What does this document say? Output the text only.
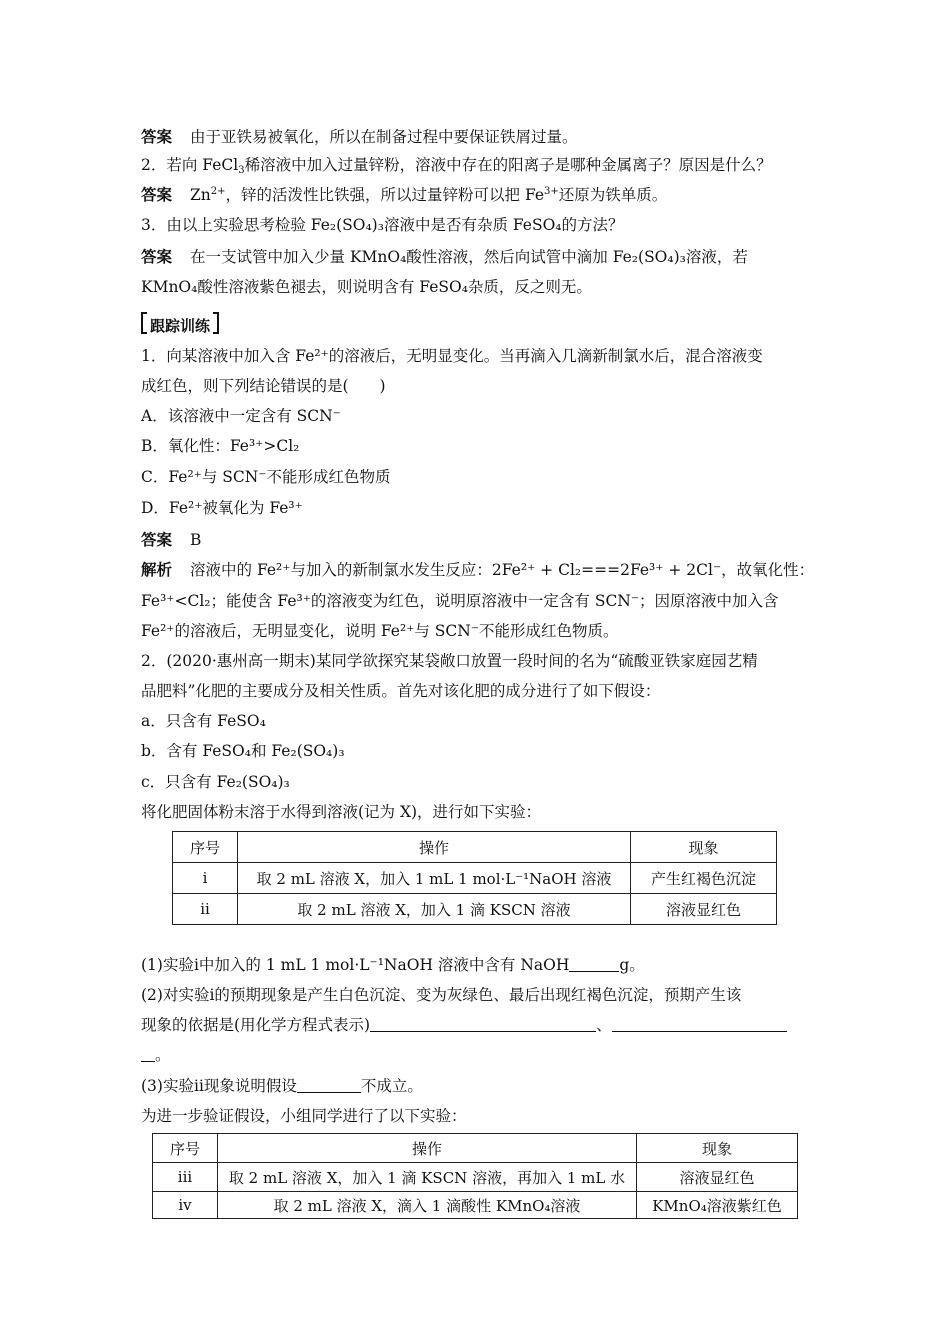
答案 由于亚铁易被氧化，所以在制备过程中要保证铁屑过量。
2．若向 FeCl$_3$稀溶液中加入过量锌粉，溶液中存在的阳离子是哪种金属离子？原因是什么？
答案 $Zn^{2+}$，锌的活泼性比铁强，所以过量锌粉可以把 $Fe^{3+}$还原为铁单质。
3．由以上实验思考检验 Fe₂(SO₄)₃溶液中是否有杂质 FeSO₄的方法？
答案 在一支试管中加入少量 KMnO₄酸性溶液，然后向试管中滴加 Fe₂(SO₄)₃溶液，若
KMnO₄酸性溶液紫色褪去，则说明含有 FeSO₄杂质，反之则无。
跟踪训练
1．向某溶液中加入含 Fe²⁺的溶液后，无明显变化。当再滴入几滴新制氯水后，混合溶液变
成红色，则下列结论错误的是(　　)
A．该溶液中一定含有 SCN⁻
B．氧化性：Fe³⁺>Cl₂
C．Fe²⁺与 SCN⁻不能形成红色物质
D．Fe²⁺被氧化为 Fe³⁺
答案 B
解析 溶液中的 Fe²⁺与加入的新制氯水发生反应：2Fe²⁺ + Cl₂===2Fe³⁺ + 2Cl⁻，故氧化性：
Fe³⁺<Cl₂；能使含 Fe³⁺的溶液变为红色，说明原溶液中一定含有 SCN⁻；因原溶液中加入含
Fe²⁺的溶液后，无明显变化，说明 Fe²⁺与 SCN⁻不能形成红色物质。
2．(2020·惠州高一期末)某同学欲探究某袋敞口放置一段时间的名为“硫酸亚铁家庭园艺精
品肥料”化肥的主要成分及相关性质。首先对该化肥的成分进行了如下假设：
a．只含有 FeSO₄
b．含有 FeSO₄和 Fe₂(SO₄)₃
c．只含有 Fe₂(SO₄)₃
将化肥固体粉末溶于水得到溶液(记为 X)，进行如下实验：
序号	操作	现象
i	取 2 mL 溶液 X，加入 1 mL 1 mol·L⁻¹NaOH 溶液	产生红褐色沉淀
ii	取 2 mL 溶液 X，加入 1 滴 KSCN 溶液	溶液显红色
(1)实验ⅰ中加入的 1 mL 1 mol·L⁻¹NaOH 溶液中含有 NaOH	g。
(2)对实验ⅰ的预期现象是产生白色沉淀、变为灰绿色、最后出现红褐色沉淀，预期产生该
现象的依据是(用化学方程式表示)	、
。
(3)实验ⅱ现象说明假设	不成立。
为进一步验证假设，小组同学进行了以下实验：
序号	操作	现象
iii	取 2 mL 溶液 X，加入 1 滴 KSCN 溶液，再加入 1 mL 水	溶液显红色
iv	取 2 mL 溶液 X，滴入 1 滴酸性 KMnO₄溶液	KMnO₄溶液紫红色
